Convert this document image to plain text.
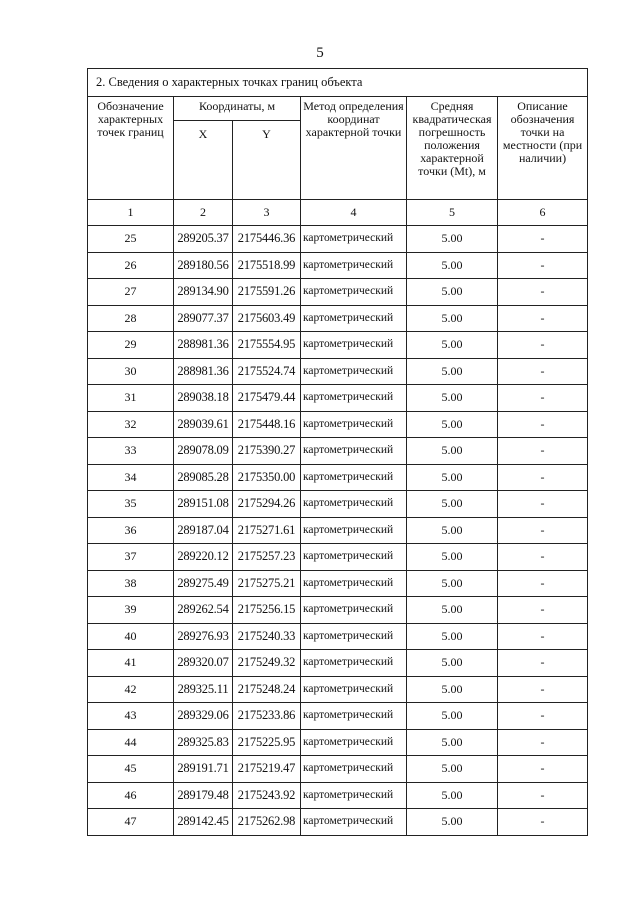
5
2. Сведения о характерных точках границ объекта					
Обозначение характерных точек границ	Координаты, м		Метод определения координат характерной точки	Средняя квадратическая погрешность положения характерной точки (Mt), м	Описание обозначения точки на местности (при наличии)
	X	Y			
1	2	3	4	5	6
25	289205.37	2175446.36	картометрический	5.00	-
26	289180.56	2175518.99	картометрический	5.00	-
27	289134.90	2175591.26	картометрический	5.00	-
28	289077.37	2175603.49	картометрический	5.00	-
29	288981.36	2175554.95	картометрический	5.00	-
30	288981.36	2175524.74	картометрический	5.00	-
31	289038.18	2175479.44	картометрический	5.00	-
32	289039.61	2175448.16	картометрический	5.00	-
33	289078.09	2175390.27	картометрический	5.00	-
34	289085.28	2175350.00	картометрический	5.00	-
35	289151.08	2175294.26	картометрический	5.00	-
36	289187.04	2175271.61	картометрический	5.00	-
37	289220.12	2175257.23	картометрический	5.00	-
38	289275.49	2175275.21	картометрический	5.00	-
39	289262.54	2175256.15	картометрический	5.00	-
40	289276.93	2175240.33	картометрический	5.00	-
41	289320.07	2175249.32	картометрический	5.00	-
42	289325.11	2175248.24	картометрический	5.00	-
43	289329.06	2175233.86	картометрический	5.00	-
44	289325.83	2175225.95	картометрический	5.00	-
45	289191.71	2175219.47	картометрический	5.00	-
46	289179.48	2175243.92	картометрический	5.00	-
47	289142.45	2175262.98	картометрический	5.00	-
